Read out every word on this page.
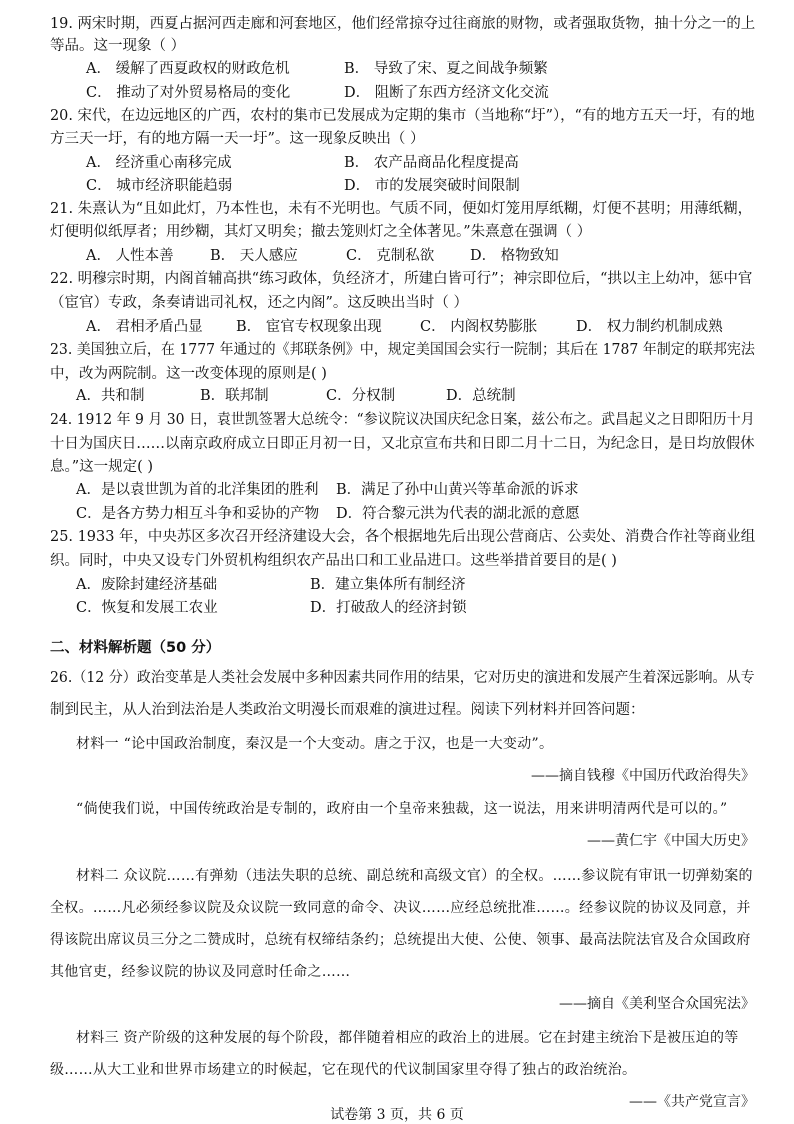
19. 两宋时期，西夏占据河西走廊和河套地区，他们经常掠夺过往商旅的财物，或者强取货物，抽十分之一的上
等品。这一现象（ ）
A． 缓解了西夏政权的财政危机	B． 导致了宋、夏之间战争频繁
C． 推动了对外贸易格局的变化	D． 阻断了东西方经济文化交流
20. 宋代，在边远地区的广西，农村的集市已发展成为定期的集市（当地称“圩”），“有的地方五天一圩，有的地
方三天一圩，有的地方隔一天一圩”。这一现象反映出（ ）
A． 经济重心南移完成	B． 农产品商品化程度提高
C． 城市经济职能趋弱	D． 市的发展突破时间限制
21. 朱熹认为“且如此灯，乃本性也，未有不光明也。气质不同，便如灯笼用厚纸糊，灯便不甚明；用薄纸糊，
灯便明似纸厚者；用纱糊，其灯又明矣；撤去笼则灯之全体著见。”朱熹意在强调（ ）
A． 人性本善	B． 天人感应	C． 克制私欲 D． 格物致知
22. 明穆宗时期，内阁首辅高拱“练习政体，负经济才，所建白皆可行”；神宗即位后，“拱以主上幼冲，惩中官
（宦官）专政，条奏请诎司礼权，还之内阁”。这反映出当时（ ）
A． 君相矛盾凸显 B． 宦官专权现象出现	C． 内阁权势膨胀	D． 权力制约机制成熟
23. 美国独立后，在 1777 年通过的《邦联条例》中，规定美国国会实行一院制；其后在 1787 年制定的联邦宪法
中，改为两院制。这一改变体现的原则是( )
A．共和制	B．联邦制	C．分权制	D．总统制
24. 1912 年 9 月 30 日，袁世凯签署大总统令：“参议院议决国庆纪念日案，兹公布之。武昌起义之日即阳历十月
十日为国庆日……以南京政府成立日即正月初一日，又北京宣布共和日即二月十二日，为纪念日，是日均放假休
息。”这一规定( )
A．是以袁世凯为首的北洋集团的胜利 B．满足了孙中山黄兴等革命派的诉求
C．是各方势力相互斗争和妥协的产物 D．符合黎元洪为代表的湖北派的意愿
25. 1933 年，中央苏区多次召开经济建设大会，各个根据地先后出现公营商店、公卖处、消费合作社等商业组
织。同时，中央又设专门外贸机构组织农产品出口和工业品进口。这些举措首要目的是( )
A．废除封建经济基础	B．建立集体所有制经济
C．恢复和发展工农业	D．打破敌人的经济封锁
二、材料解析题（50 分）
26.（12 分）政治变革是人类社会发展中多种因素共同作用的结果，它对历史的演进和发展产生着深远影响。从专
制到民主，从人治到法治是人类政治文明漫长而艰难的演进过程。阅读下列材料并回答问题：
材料一 “论中国政治制度，秦汉是一个大变动。唐之于汉，也是一大变动”。
——摘自钱穆《中国历代政治得失》
“倘使我们说，中国传统政治是专制的，政府由一个皇帝来独裁，这一说法，用来讲明清两代是可以的。”
——黄仁宇《中国大历史》
材料二 众议院……有弹劾（违法失职的总统、副总统和高级文官）的全权。……参议院有审讯一切弹劾案的
全权。……凡必须经参议院及众议院一致同意的命令、决议……应经总统批准……。经参议院的协议及同意，并
得该院出席议员三分之二赞成时，总统有权缔结条约；总统提出大使、公使、领事、最高法院法官及合众国政府
其他官吏，经参议院的协议及同意时任命之……
——摘自《美利坚合众国宪法》
材料三 资产阶级的这种发展的每个阶段，都伴随着相应的政治上的进展。它在封建主统治下是被压迫的等
级……从大工业和世界市场建立的时候起，它在现代的代议制国家里夺得了独占的政治统治。
——《共产党宣言》
试卷第 3 页，共 6 页
